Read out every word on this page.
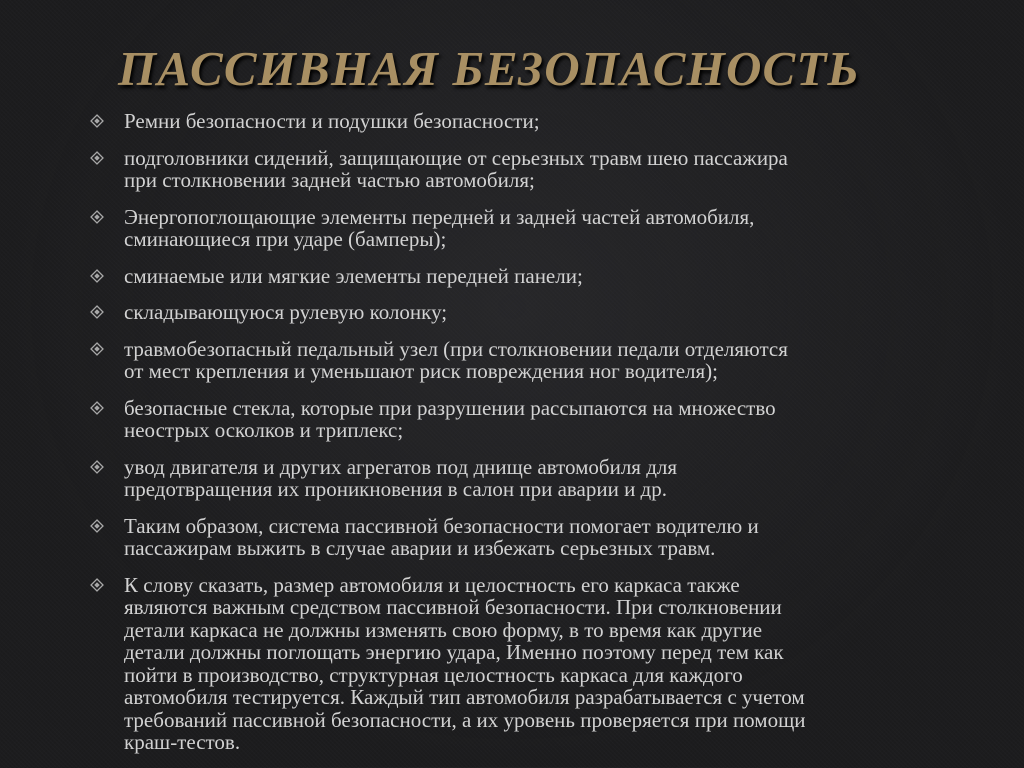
ПАССИВНАЯ БЕЗОПАСНОСТЬ
Ремни безопасности и подушки безопасности;
подголовники сидений, защищающие от серьезных травм шею пассажира
при столкновении задней частью автомобиля;
Энергопоглощающие элементы передней и задней частей автомобиля,
сминающиеся при ударе (бамперы);
сминаемые или мягкие элементы передней панели;
складывающуюся рулевую колонку;
травмобезопасный педальный узел (при столкновении педали отделяются
от мест крепления и уменьшают риск повреждения ног водителя);
безопасные стекла, которые при разрушении рассыпаются на множество
неострых осколков и триплекс;
увод двигателя и других агрегатов под днище автомобиля для
предотвращения их проникновения в салон при аварии и др.
Таким образом, система пассивной безопасности помогает водителю и
пассажирам выжить в случае аварии и избежать серьезных травм.
К слову сказать, размер автомобиля и целостность его каркаса также
являются важным средством пассивной безопасности. При столкновении
детали каркаса не должны изменять свою форму, в то время как другие
детали должны поглощать энергию удара, Именно поэтому перед тем как
пойти в производство, структурная целостность каркаса для каждого
автомобиля тестируется. Каждый тип автомобиля разрабатывается с учетом
требований пассивной безопасности, а их уровень проверяется при помощи
краш-тестов.
